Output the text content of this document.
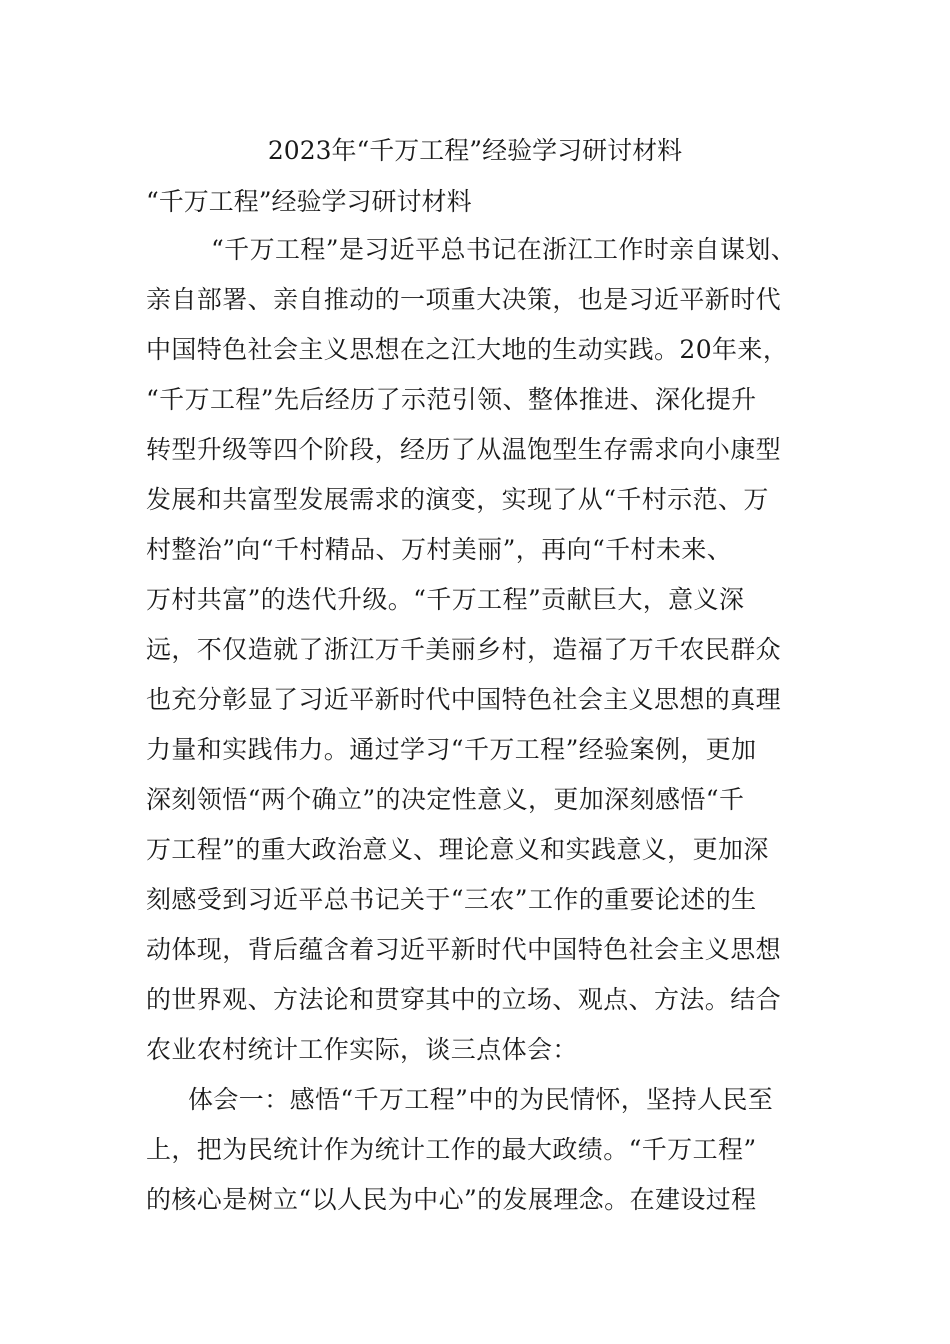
2023年“千万工程”经验学习研讨材料
“千万工程”经验学习研讨材料
“千万工程”是习近平总书记在浙江工作时亲自谋划、
亲自部署、亲自推动的一项重大决策，也是习近平新时代
中国特色社会主义思想在之江大地的生动实践。20年来，
“千万工程”先后经历了示范引领、整体推进、深化提升
转型升级等四个阶段，经历了从温饱型生存需求向小康型
发展和共富型发展需求的演变，实现了从“千村示范、万
村整治”向“千村精品、万村美丽”，再向“千村未来、
万村共富”的迭代升级。“千万工程”贡献巨大，意义深
远，不仅造就了浙江万千美丽乡村，造福了万千农民群众
也充分彰显了习近平新时代中国特色社会主义思想的真理
力量和实践伟力。通过学习“千万工程”经验案例，更加
深刻领悟“两个确立”的决定性意义，更加深刻感悟“千
万工程”的重大政治意义、理论意义和实践意义，更加深
刻感受到习近平总书记关于“三农”工作的重要论述的生
动体现，背后蕴含着习近平新时代中国特色社会主义思想
的世界观、方法论和贯穿其中的立场、观点、方法。结合
农业农村统计工作实际，谈三点体会：
体会一：感悟“千万工程”中的为民情怀，坚持人民至
上，把为民统计作为统计工作的最大政绩。“千万工程”
的核心是树立“以人民为中心”的发展理念。在建设过程
